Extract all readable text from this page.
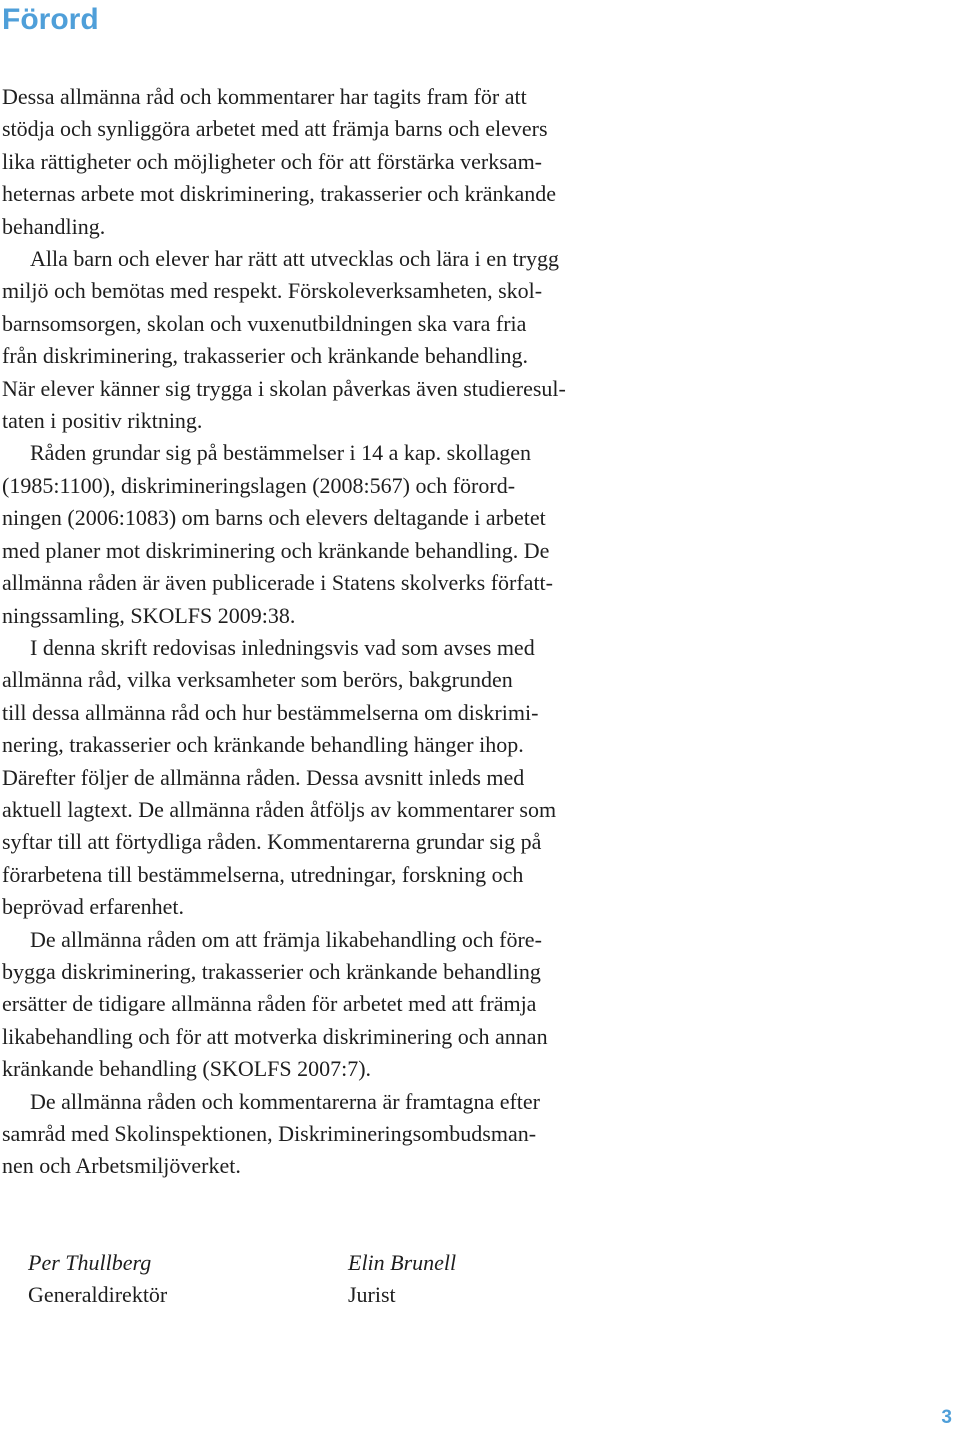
Förord

Dessa allmänna råd och kommentarer har tagits fram för att
stödja och synliggöra arbetet med att främja barns och elevers
lika rättigheter och möjligheter och för att förstärka verksam-
heternas arbete mot diskriminering, trakasserier och kränkande
behandling.

Alla barn och elever har rätt att utvecklas och lära i en trygg
miljö och bemötas med respekt. Förskoleverksamheten, skol-
barnsomsorgen, skolan och vuxenutbildningen ska vara fria
från diskriminering, trakasserier och kränkande behandling.
När elever känner sig trygga i skolan påverkas även studieresul-
taten i positiv riktning.

Råden grundar sig på bestämmelser i 14 a kap. skollagen
(1985:1100), diskrimineringslagen (2008:567) och förord-
ningen (2006:1083) om barns och elevers deltagande i arbetet
med planer mot diskriminering och kränkande behandling. De
allmänna råden är även publicerade i Statens skolverks författ-
ningssamling, SKOLFS 2009:38.

I denna skrift redovisas inledningsvis vad som avses med
allmänna råd, vilka verksamheter som berörs, bakgrunden
till dessa allmänna råd och hur bestämmelserna om diskrimi-
nering, trakasserier och kränkande behandling hänger ihop.
Därefter följer de allmänna råden. Dessa avsnitt inleds med
aktuell lagtext. De allmänna råden åtföljs av kommentarer som
syftar till att förtydliga råden. Kommentarerna grundar sig på
förarbetena till bestämmelserna, utredningar, forskning och
beprövad erfarenhet.

De allmänna råden om att främja likabehandling och före-
bygga diskriminering, trakasserier och kränkande behandling
ersätter de tidigare allmänna råden för arbetet med att främja
likabehandling och för att motverka diskriminering och annan
kränkande behandling (SKOLFS 2007:7).

De allmänna råden och kommentarerna är framtagna efter
samråd med Skolinspektionen, Diskrimineringsombudsman-
nen och Arbetsmiljöverket.

Per Thullberg
Generaldirektör
Elin Brunell
Jurist
3
